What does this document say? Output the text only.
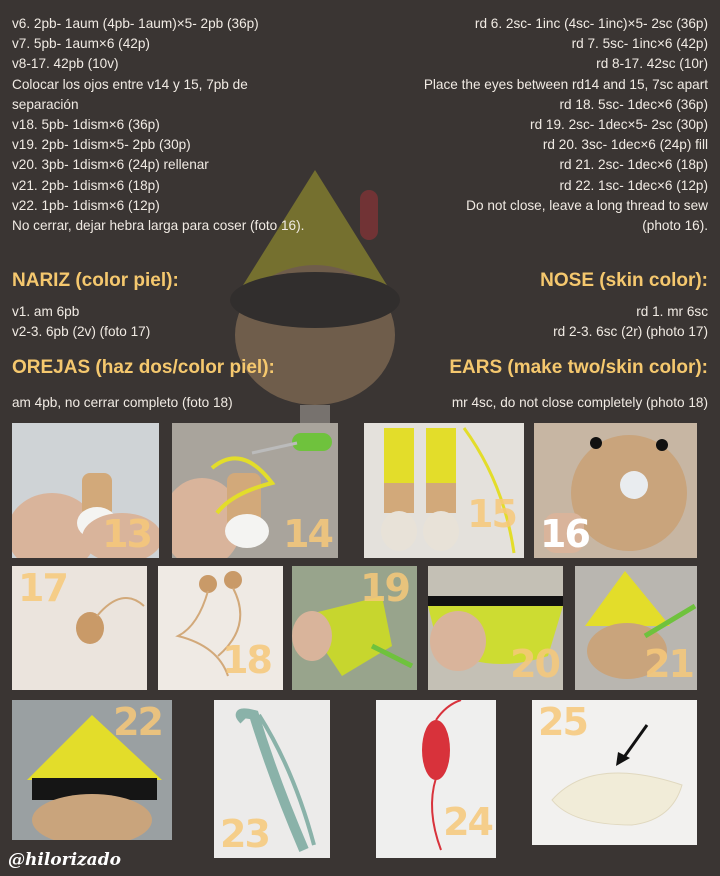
v6. 2pb- 1aum (4pb- 1aum)×5- 2pb (36p)
v7. 5pb- 1aum×6 (42p)
v8-17. 42pb (10v)
Colocar los ojos entre v14 y 15, 7pb de
separación
v18. 5pb- 1dism×6 (36p)
v19. 2pb- 1dism×5- 2pb (30p)
v20. 3pb- 1dism×6 (24p) rellenar
v21. 2pb- 1dism×6 (18p)
v22. 1pb- 1dism×6 (12p)
No cerrar, dejar hebra larga para coser (foto 16).
rd 6. 2sc- 1inc (4sc- 1inc)×5- 2sc (36p)
rd 7. 5sc- 1inc×6 (42p)
rd 8-17. 42sc (10r)
Place the eyes between rd14 and 15, 7sc apart
rd 18. 5sc- 1dec×6 (36p)
rd 19. 2sc- 1dec×5- 2sc (30p)
rd 20. 3sc- 1dec×6 (24p) fill
rd 21. 2sc- 1dec×6 (18p)
rd 22. 1sc- 1dec×6 (12p)
Do not close, leave a long thread to sew
(photo 16).
NARIZ (color piel):	NOSE (skin color):
v1. am 6pb
v2-3. 6pb (2v) (foto 17)
rd 1. mr 6sc
rd 2-3. 6sc (2r) (photo 17)
OREJAS (haz dos/color piel):	EARS (make two/skin color):
am 4pb, no cerrar completo (foto 18)	mr 4sc, do not close completely (photo 18)
13	14	15 16
17
18
19
20 21
22
23	24
25
@hilorizado
